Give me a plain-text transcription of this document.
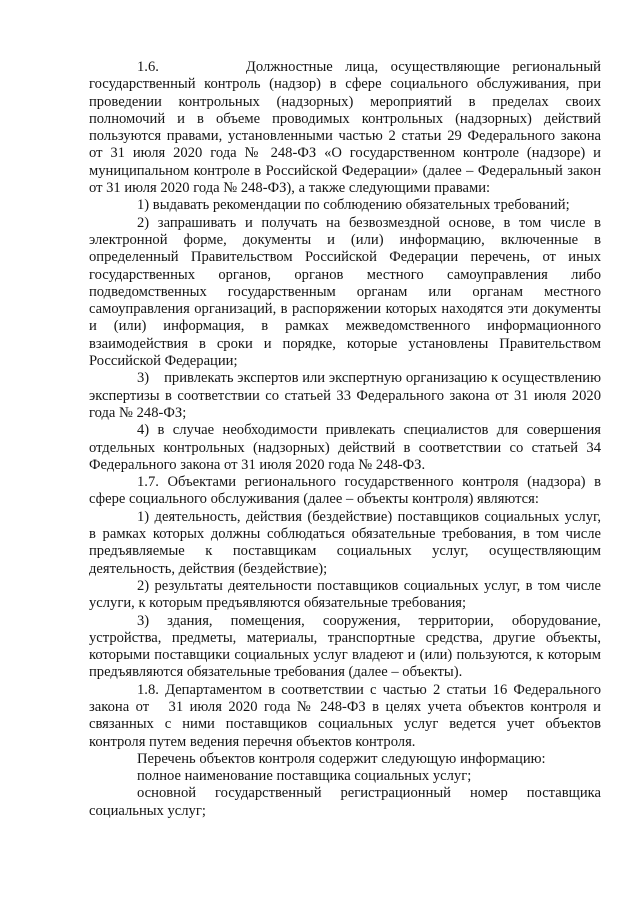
1.6.       Должностные лица, осуществляющие региональный государственный контроль (надзор) в сфере социального обслуживания, при проведении контрольных (надзорных) мероприятий в пределах своих полномочий и в объеме проводимых контрольных (надзорных) действий пользуются правами, установленными частью 2 статьи 29 Федерального закона от 31 июля 2020 года № 248-ФЗ «О государственном контроле (надзоре) и муниципальном контроле в Российской Федерации» (далее – Федеральный закон от 31 июля 2020 года № 248-ФЗ), а также следующими правами:

1) выдавать рекомендации по соблюдению обязательных требований;

2) запрашивать и получать на безвозмездной основе, в том числе в электронной форме, документы и (или) информацию, включенные в определенный Правительством Российской Федерации перечень, от иных государственных органов, органов местного самоуправления либо подведомственных государственным органам или органам местного самоуправления организаций, в распоряжении которых находятся эти документы и (или) информация, в рамках межведомственного информационного взаимодействия в сроки и порядке, которые установлены Правительством Российской Федерации;

3)    привлекать экспертов или экспертную организацию к осуществлению экспертизы в соответствии со статьей 33 Федерального закона от 31 июля 2020 года № 248-ФЗ;

4) в случае необходимости привлекать специалистов для совершения отдельных контрольных (надзорных) действий в соответствии со статьей 34 Федерального закона от 31 июля 2020 года № 248-ФЗ.

1.7. Объектами регионального государственного контроля (надзора) в сфере социального обслуживания (далее – объекты контроля) являются:

1) деятельность, действия (бездействие) поставщиков социальных услуг, в рамках которых должны соблюдаться обязательные требования, в том числе предъявляемые к поставщикам социальных услуг, осуществляющим деятельность, действия (бездействие);

2) результаты деятельности поставщиков социальных услуг, в том числе услуги, к которым предъявляются обязательные требования;

3) здания, помещения, сооружения, территории, оборудование, устройства, предметы, материалы, транспортные средства, другие объекты, которыми поставщики социальных услуг владеют и (или) пользуются, к которым предъявляются обязательные требования (далее – объекты).

1.8. Департаментом в соответствии с частью 2 статьи 16 Федерального закона от   31 июля 2020 года № 248-ФЗ в целях учета объектов контроля и связанных с ними поставщиков социальных услуг ведется учет объектов контроля путем ведения перечня объектов контроля.

Перечень объектов контроля содержит следующую информацию:

полное наименование поставщика социальных услуг;

основной государственный регистрационный номер поставщика социальных услуг;
